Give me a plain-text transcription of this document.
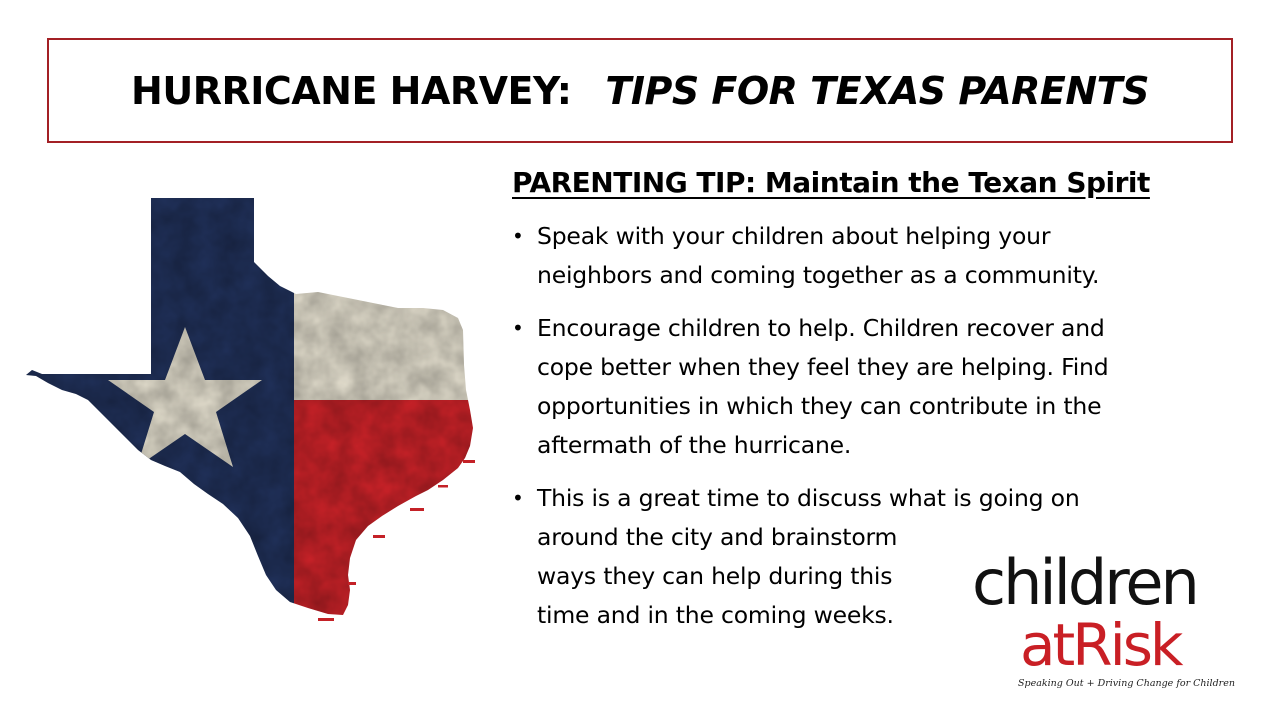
HURRICANE HARVEY: TIPS FOR TEXAS PARENTS
PARENTING TIP: Maintain the Texan Spirit
• Speak with your children about helping your
neighbors and coming together as a community.
• Encourage children to help. Children recover and
cope better when they feel they are helping. Find
opportunities in which they can contribute in the
aftermath of the hurricane.
• This is a great time to discuss what is going on
around the city and brainstorm
ways they can help during this
time and in the coming weeks.	children

atRisk

Speaking Out + Driving Change for Children
